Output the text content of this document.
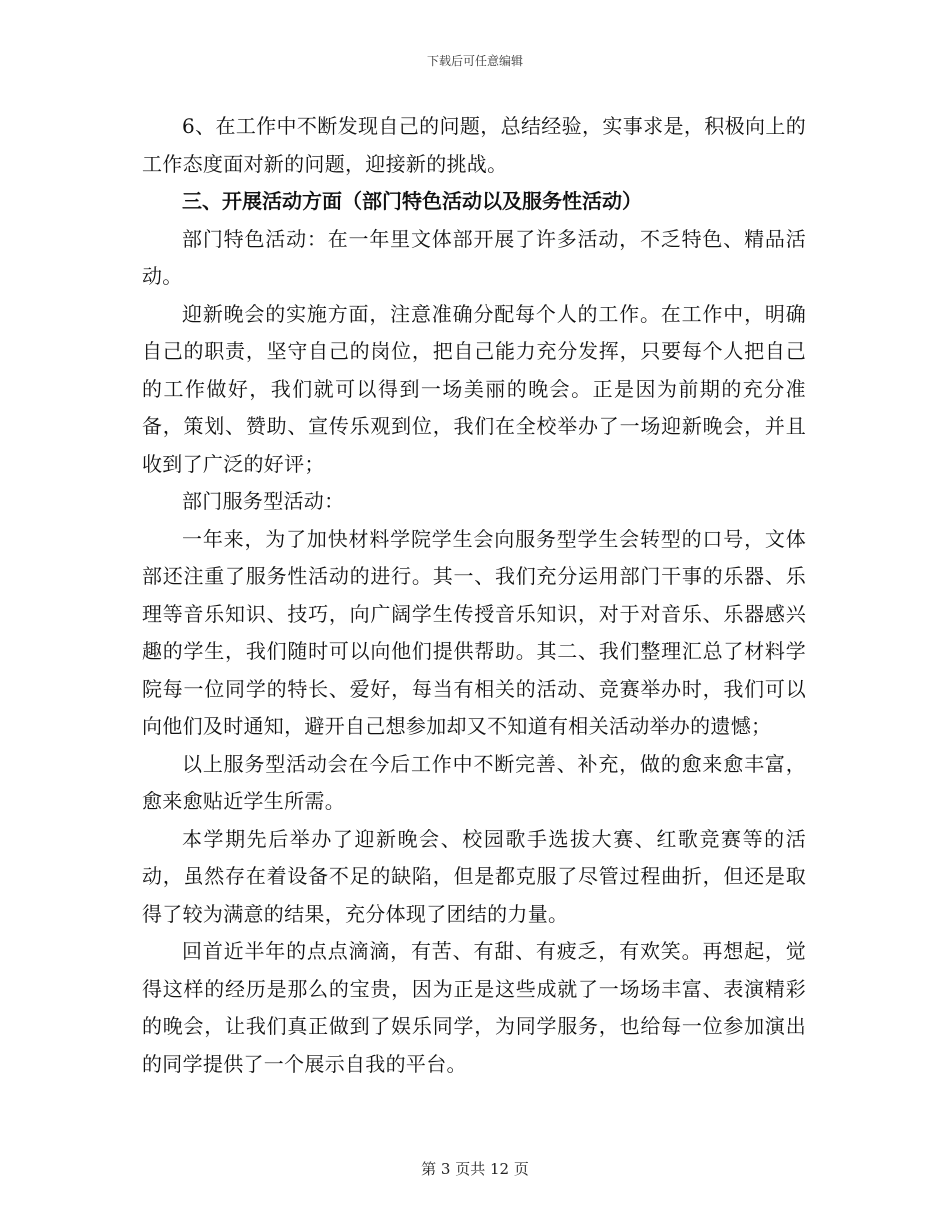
下载后可任意编辑

6、在工作中不断发现自己的问题，总结经验，实事求是，积极向上的工作态度面对新的问题，迎接新的挑战。

三、开展活动方面（部门特色活动以及服务性活动）

部门特色活动：在一年里文体部开展了许多活动，不乏特色、精品活动。

迎新晚会的实施方面，注意准确分配每个人的工作。在工作中，明确自己的职责，坚守自己的岗位，把自己能力充分发挥，只要每个人把自己的工作做好，我们就可以得到一场美丽的晚会。正是因为前期的充分准备，策划、赞助、宣传乐观到位，我们在全校举办了一场迎新晚会，并且收到了广泛的好评；

部门服务型活动：

一年来，为了加快材料学院学生会向服务型学生会转型的口号，文体部还注重了服务性活动的进行。其一、我们充分运用部门干事的乐器、乐理等音乐知识、技巧，向广阔学生传授音乐知识，对于对音乐、乐器感兴趣的学生，我们随时可以向他们提供帮助。其二、我们整理汇总了材料学院每一位同学的特长、爱好，每当有相关的活动、竞赛举办时，我们可以向他们及时通知，避开自己想参加却又不知道有相关活动举办的遗憾；

以上服务型活动会在今后工作中不断完善、补充，做的愈来愈丰富，愈来愈贴近学生所需。

本学期先后举办了迎新晚会、校园歌手选拔大赛、红歌竞赛等的活动，虽然存在着设备不足的缺陷，但是都克服了尽管过程曲折，但还是取得了较为满意的结果，充分体现了团结的力量。

回首近半年的点点滴滴，有苦、有甜、有疲乏，有欢笑。再想起，觉得这样的经历是那么的宝贵，因为正是这些成就了一场场丰富、表演精彩的晚会，让我们真正做到了娱乐同学，为同学服务，也给每一位参加演出的同学提供了一个展示自我的平台。

第 3 页共 12 页
